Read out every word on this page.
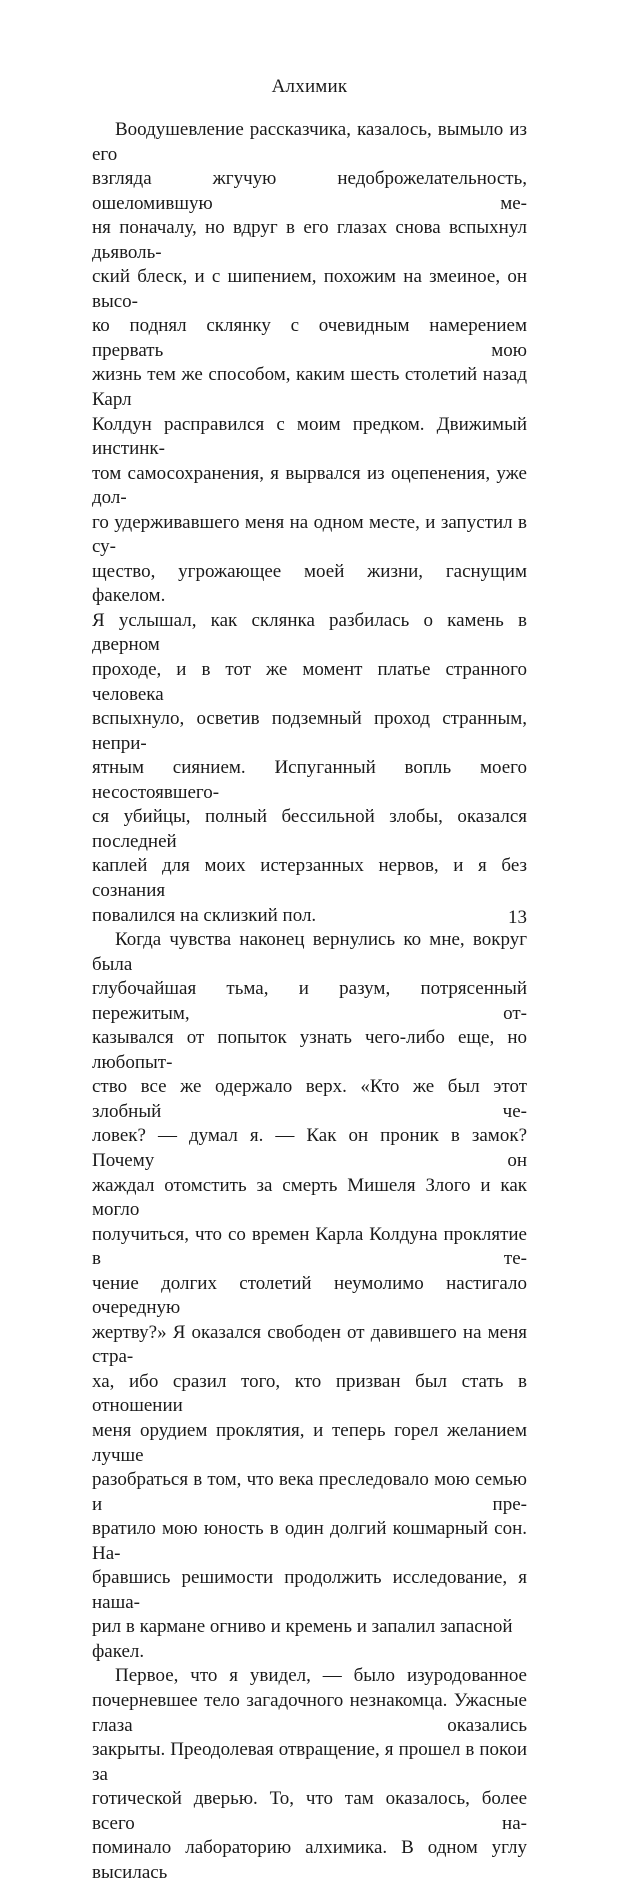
Алхимик
Воодушевление рассказчика, казалось, вымыло из его
взгляда жгучую недоброжелательность, ошеломившую ме-
ня поначалу, но вдруг в его глазах снова вспыхнул дьяволь-
ский блеск, и с шипением, похожим на змеиное, он высо-
ко поднял склянку с очевидным намерением прервать мою
жизнь тем же способом, каким шесть столетий назад Карл
Колдун расправился с моим предком. Движимый инстинк-
том самосохранения, я вырвался из оцепенения, уже дол-
го удерживавшего меня на одном месте, и запустил в су-
щество, угрожающее моей жизни, гаснущим факелом.
Я услышал, как склянка разбилась о камень в дверном
проходе, и в тот же момент платье странного человека
вспыхнуло, осветив подземный проход странным, непри-
ятным сиянием. Испуганный вопль моего несостоявшего-
ся убийцы, полный бессильной злобы, оказался последней
каплей для моих истерзанных нервов, и я без сознания
повалился на склизкий пол.
Когда чувства наконец вернулись ко мне, вокруг была
глубочайшая тьма, и разум, потрясенный пережитым, от-
казывался от попыток узнать чего-либо еще, но любопыт-
ство все же одержало верх. «Кто же был этот злобный че-
ловек? — думал я. — Как он проник в замок? Почему он
жаждал отомстить за смерть Мишеля Злого и как могло
получиться, что со времен Карла Колдуна проклятие в те-
чение долгих столетий неумолимо настигало очередную
жертву?» Я оказался свободен от давившего на меня стра-
ха, ибо сразил того, кто призван был стать в отношении
меня орудием проклятия, и теперь горел желанием лучше
разобраться в том, что века преследовало мою семью и пре-
вратило мою юность в один долгий кошмарный сон. На-
бравшись решимости продолжить исследование, я наша-
рил в кармане огниво и кремень и запалил запасной факел.
Первое, что я увидел, — было изуродованное почерневшее тело загадочного незнакомца. Ужасные глаза оказались
закрыты. Преодолевая отвращение, я прошел в покои за
готической дверью. То, что там оказалось, более всего на-
поминало лабораторию алхимика. В одном углу высилась
13
